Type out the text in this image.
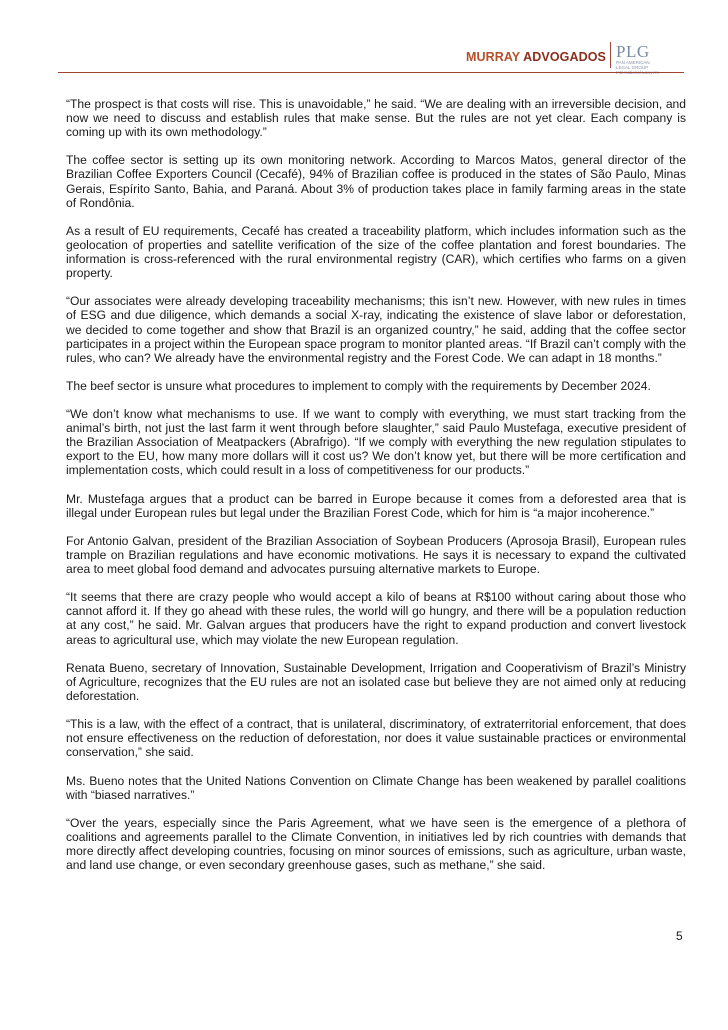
MURRAY ADVOGADOS PLG
PAN AMERICAN
LEGAL GROUP

“The prospect is that costs will rise. This is unavoidable,” he said. “We are dealing with an irreversible decision, and now we need to discuss and establish rules that make sense. But the rules are not yet clear. Each company is coming up with its own methodology.”

The coffee sector is setting up its own monitoring network. According to Marcos Matos, general director of the Brazilian Coffee Exporters Council (Cecafé), 94% of Brazilian coffee is produced in the states of São Paulo, Minas Gerais, Espírito Santo, Bahia, and Paraná. About 3% of production takes place in family farming areas in the state of Rondônia.

As a result of EU requirements, Cecafé has created a traceability platform, which includes information such as the geolocation of properties and satellite verification of the size of the coffee plantation and forest boundaries. The information is cross-referenced with the rural environmental registry (CAR), which certifies who farms on a given property.

“Our associates were already developing traceability mechanisms; this isn’t new. However, with new rules in times of ESG and due diligence, which demands a social X-ray, indicating the existence of slave labor or deforestation, we decided to come together and show that Brazil is an organized country,” he said, adding that the coffee sector participates in a project within the European space program to monitor planted areas. “If Brazil can’t comply with the rules, who can? We already have the environmental registry and the Forest Code. We can adapt in 18 months.”

The beef sector is unsure what procedures to implement to comply with the requirements by December 2024.

“We don’t know what mechanisms to use. If we want to comply with everything, we must start tracking from the animal’s birth, not just the last farm it went through before slaughter,” said Paulo Mustefaga, executive president of the Brazilian Association of Meatpackers (Abrafrigo). “If we comply with everything the new regulation stipulates to export to the EU, how many more dollars will it cost us? We don’t know yet, but there will be more certification and implementation costs, which could result in a loss of competitiveness for our products.”

Mr. Mustefaga argues that a product can be barred in Europe because it comes from a deforested area that is illegal under European rules but legal under the Brazilian Forest Code, which for him is “a major incoherence.”

For Antonio Galvan, president of the Brazilian Association of Soybean Producers (Aprosoja Brasil), European rules trample on Brazilian regulations and have economic motivations. He says it is necessary to expand the cultivated area to meet global food demand and advocates pursuing alternative markets to Europe.

“It seems that there are crazy people who would accept a kilo of beans at R$100 without caring about those who cannot afford it. If they go ahead with these rules, the world will go hungry, and there will be a population reduction at any cost,” he said. Mr. Galvan argues that producers have the right to expand production and convert livestock areas to agricultural use, which may violate the new European regulation.

Renata Bueno, secretary of Innovation, Sustainable Development, Irrigation and Cooperativism of Brazil’s Ministry of Agriculture, recognizes that the EU rules are not an isolated case but believe they are not aimed only at reducing deforestation.

“This is a law, with the effect of a contract, that is unilateral, discriminatory, of extraterritorial enforcement, that does not ensure effectiveness on the reduction of deforestation, nor does it value sustainable practices or environmental conservation,” she said.

Ms. Bueno notes that the United Nations Convention on Climate Change has been weakened by parallel coalitions with “biased narratives.”

“Over the years, especially since the Paris Agreement, what we have seen is the emergence of a plethora of coalitions and agreements parallel to the Climate Convention, in initiatives led by rich countries with demands that more directly affect developing countries, focusing on minor sources of emissions, such as agriculture, urban waste, and land use change, or even secondary greenhouse gases, such as methane,” she said.

5
